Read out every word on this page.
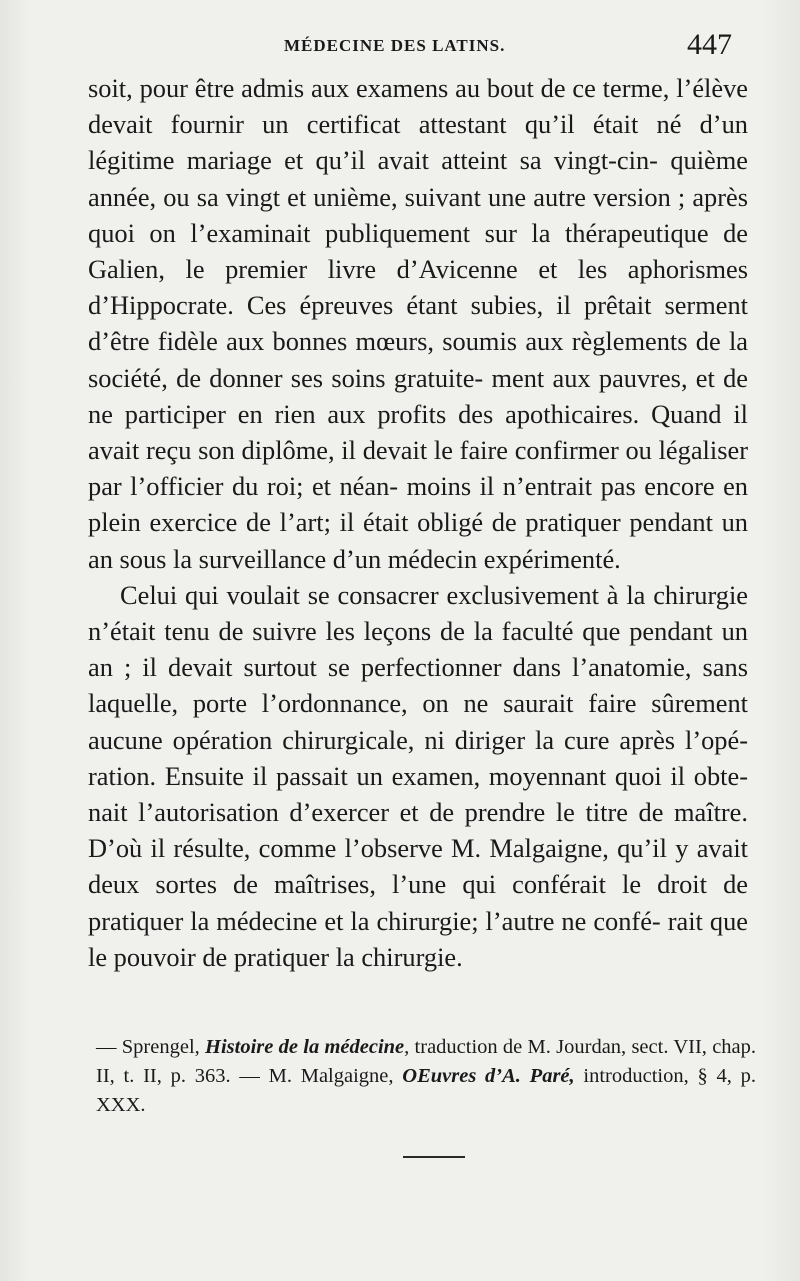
MÉDECINE DES LATINS.	447

soit, pour être admis aux examens au bout de ce terme, l’élève devait fournir un certificat attestant qu’il était né d’un légitime mariage et qu’il avait atteint sa vingt-cin- quième année, ou sa vingt et unième, suivant une autre version ; après quoi on l’examinait publiquement sur la thérapeutique de Galien, le premier livre d’Avicenne et les aphorismes d’Hippocrate. Ces épreuves étant subies, il prêtait serment d’être fidèle aux bonnes mœurs, soumis aux règlements de la société, de donner ses soins gratuite- ment aux pauvres, et de ne participer en rien aux profits des apothicaires. Quand il avait reçu son diplôme, il devait le faire confirmer ou légaliser par l’officier du roi; et néan- moins il n’entrait pas encore en plein exercice de l’art; il était obligé de pratiquer pendant un an sous la surveillance d’un médecin expérimenté.

Celui qui voulait se consacrer exclusivement à la chirurgie n’était tenu de suivre les leçons de la faculté que pendant un an ; il devait surtout se perfectionner dans l’anatomie, sans laquelle, porte l’ordonnance, on ne saurait faire sûrement aucune opération chirurgicale, ni diriger la cure après l’opé- ration. Ensuite il passait un examen, moyennant quoi il obte- nait l’autorisation d’exercer et de prendre le titre de maître. D’où il résulte, comme l’observe M. Malgaigne, qu’il y avait deux sortes de maîtrises, l’une qui conférait le droit de pratiquer la médecine et la chirurgie; l’autre ne confé- rait que le pouvoir de pratiquer la chirurgie.

— Sprengel, Histoire de la médecine, traduction de M. Jourdan, sect. VII, chap. II, t. II, p. 363. — M. Malgaigne, OEuvres d’A. Paré, introduction, § 4, p. XXX.
